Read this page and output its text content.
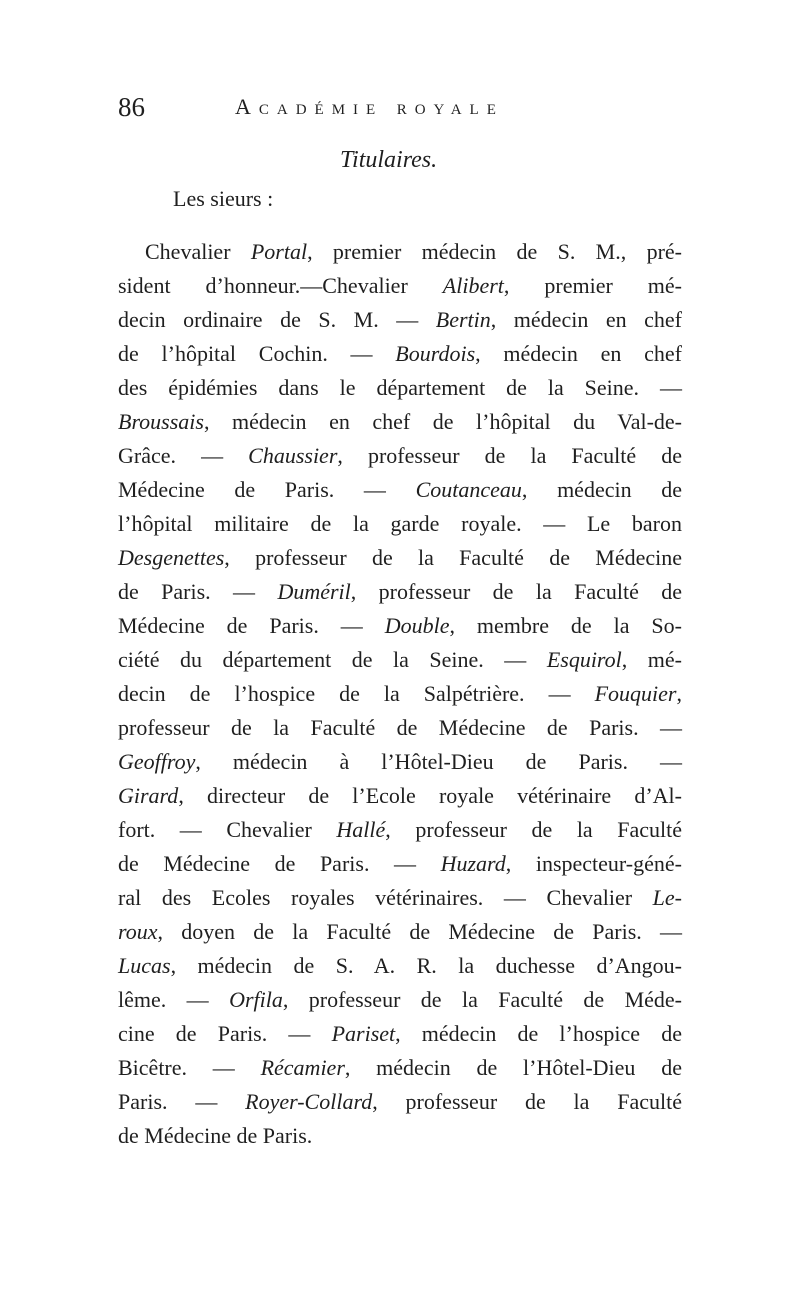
86	Académie royale
Titulaires.
Les sieurs :
Chevalier Portal, premier médecin de S. M., pré-
sident d’honneur.—Chevalier Alibert, premier mé-
decin ordinaire de S. M. — Bertin, médecin en chef
de l’hôpital Cochin. — Bourdois, médecin en chef
des épidémies dans le département de la Seine. —
Broussais, médecin en chef de l’hôpital du Val-de-
Grâce. — Chaussier, professeur de la Faculté de
Médecine de Paris. — Coutanceau, médecin de
l’hôpital militaire de la garde royale. — Le baron
Desgenettes, professeur de la Faculté de Médecine
de Paris. — Duméril, professeur de la Faculté de
Médecine de Paris. — Double, membre de la So-
ciété du département de la Seine. — Esquirol, mé-
decin de l’hospice de la Salpétrière. — Fouquier,
professeur de la Faculté de Médecine de Paris. —
Geoffroy, médecin à l’Hôtel-Dieu de Paris. —
Girard, directeur de l’Ecole royale vétérinaire d’Al-
fort. — Chevalier Hallé, professeur de la Faculté
de Médecine de Paris. — Huzard, inspecteur-géné-
ral des Ecoles royales vétérinaires. — Chevalier Le-
roux, doyen de la Faculté de Médecine de Paris. —
Lucas, médecin de S. A. R. la duchesse d’Angou-
lême. — Orfila, professeur de la Faculté de Méde-
cine de Paris. — Pariset, médecin de l’hospice de
Bicêtre. — Récamier, médecin de l’Hôtel-Dieu de
Paris. — Royer-Collard, professeur de la Faculté
de Médecine de Paris.
